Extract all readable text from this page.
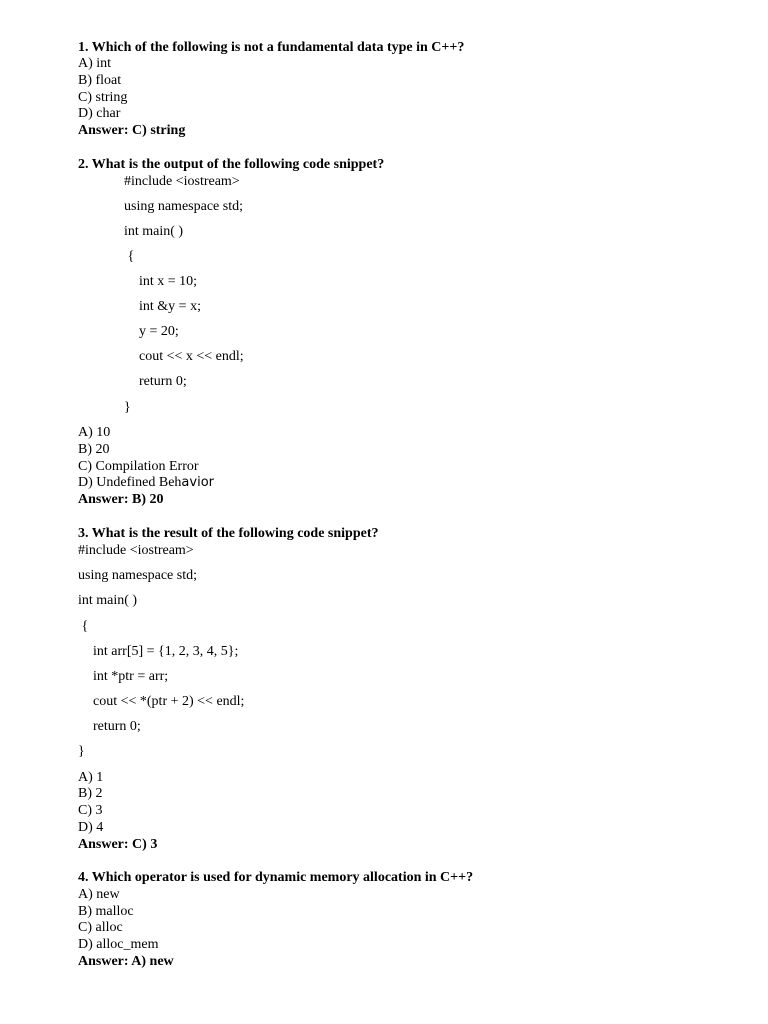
1. Which of the following is not a fundamental data type in C++?
A) int
B) float
C) string
D) char
Answer: C) string
2. What is the output of the following code snippet?
#include <iostream>
using namespace std;
int main( )
{
int x = 10;
int &y = x;
y = 20;
cout << x << endl;
return 0;
}
A) 10
B) 20
C) Compilation Error
D) Undefined Behavior
Answer: B) 20
3. What is the result of the following code snippet?
#include <iostream>
using namespace std;
int main( )
{
int arr[5] = {1, 2, 3, 4, 5};
int *ptr = arr;
cout << *(ptr + 2) << endl;
return 0;
}
A) 1
B) 2
C) 3
D) 4
Answer: C) 3
4. Which operator is used for dynamic memory allocation in C++?
A) new
B) malloc
C) alloc
D) alloc_mem
Answer: A) new
